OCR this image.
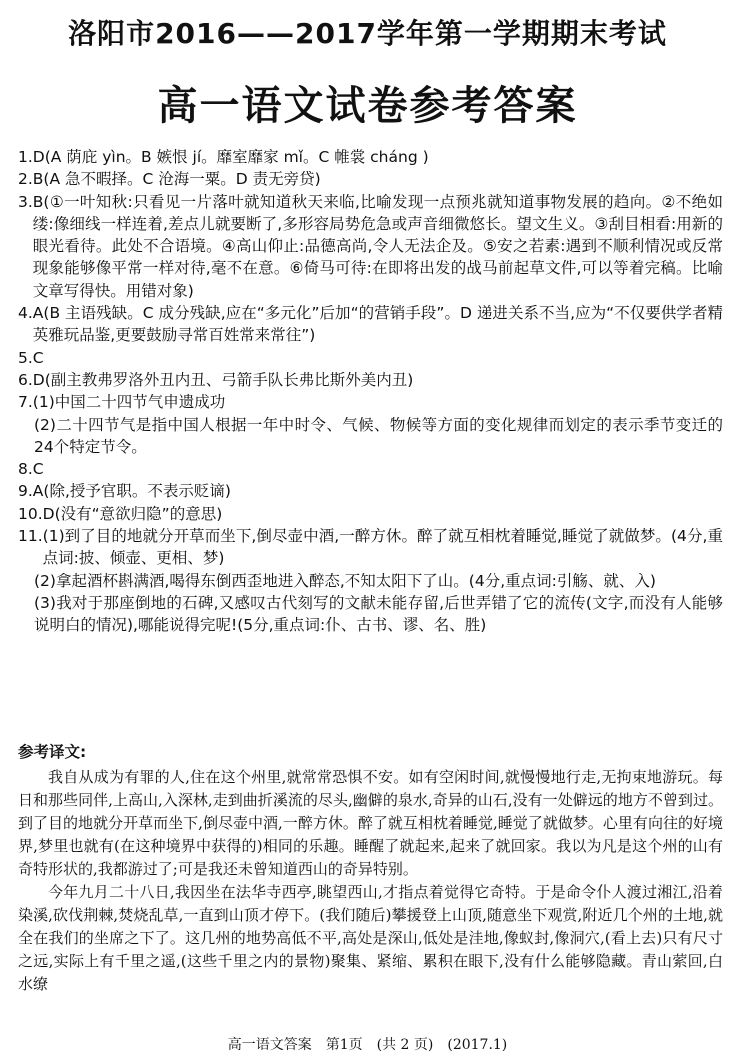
洛阳市2016——2017学年第一学期期末考试
高一语文试卷参考答案
1. D(A 荫庇 yìn。B 嫉恨 jí。靡室靡家 mǐ。C 帷裳 cháng )
2. B(A 急不暇择。C 沧海一粟。D 责无旁贷)
3. B(①一叶知秋:只看见一片落叶就知道秋天来临,比喻发现一点预兆就知道事物发展的趋向。②不绝如缕:像细线一样连着,差点儿就要断了,多形容局势危急或声音细微悠长。望文生义。③刮目相看:用新的眼光看待。此处不合语境。④高山仰止:品德高尚,令人无法企及。⑤安之若素:遇到不顺利情况或反常现象能够像平常一样对待,毫不在意。⑥倚马可待:在即将出发的战马前起草文件,可以等着完稿。比喻文章写得快。用错对象)
4. A(B 主语残缺。C 成分残缺,应在“多元化”后加“的营销手段”。D 递进关系不当,应为“不仅要供学者精英雅玩品鉴,更要鼓励寻常百姓常来常往”)
5. C
6. D(副主教弗罗洛外丑内丑、弓箭手队长弗比斯外美内丑)
7. (1)中国二十四节气申遗成功
(2)二十四节气是指中国人根据一年中时令、气候、物候等方面的变化规律而划定的表示季节变迁的24个特定节令。
8. C
9. A(除,授予官职。不表示贬谪)
10. D(没有“意欲归隐”的意思)
11. (1)到了目的地就分开草而坐下,倒尽壶中酒,一醉方休。醉了就互相枕着睡觉,睡觉了就做梦。(4分,重点词:披、倾壶、更相、梦)
(2)拿起酒杯斟满酒,喝得东倒西歪地进入醉态,不知太阳下了山。(4分,重点词:引觞、就、入)
(3)我对于那座倒地的石碑,又感叹古代刻写的文献未能存留,后世弄错了它的流传(文字,而没有人能够说明白的情况),哪能说得完呢!(5分,重点词:仆、古书、谬、名、胜)
参考译文:

我自从成为有罪的人,住在这个州里,就常常恐惧不安。如有空闲时间,就慢慢地行走,无拘束地游玩。每日和那些同伴,上高山,入深林,走到曲折溪流的尽头,幽僻的泉水,奇异的山石,没有一处僻远的地方不曾到过。到了目的地就分开草而坐下,倒尽壶中酒,一醉方休。醉了就互相枕着睡觉,睡觉了就做梦。心里有向往的好境界,梦里也就有(在这种境界中获得的)相同的乐趣。睡醒了就起来,起来了就回家。我以为凡是这个州的山有奇特形状的,我都游过了;可是我还未曾知道西山的奇异特别。

今年九月二十八日,我因坐在法华寺西亭,眺望西山,才指点着觉得它奇特。于是命令仆人渡过湘江,沿着染溪,砍伐荆棘,焚烧乱草,一直到山顶才停下。(我们随后)攀援登上山顶,随意坐下观赏,附近几个州的土地,就全在我们的坐席之下了。这几州的地势高低不平,高处是深山,低处是洼地,像蚁封,像洞穴,(看上去)只有尺寸之远,实际上有千里之遥,(这些千里之内的景物)聚集、紧缩、累积在眼下,没有什么能够隐藏。青山萦回,白水缭

高一语文答案　第1页　(共 2 页)　(2017.1)
